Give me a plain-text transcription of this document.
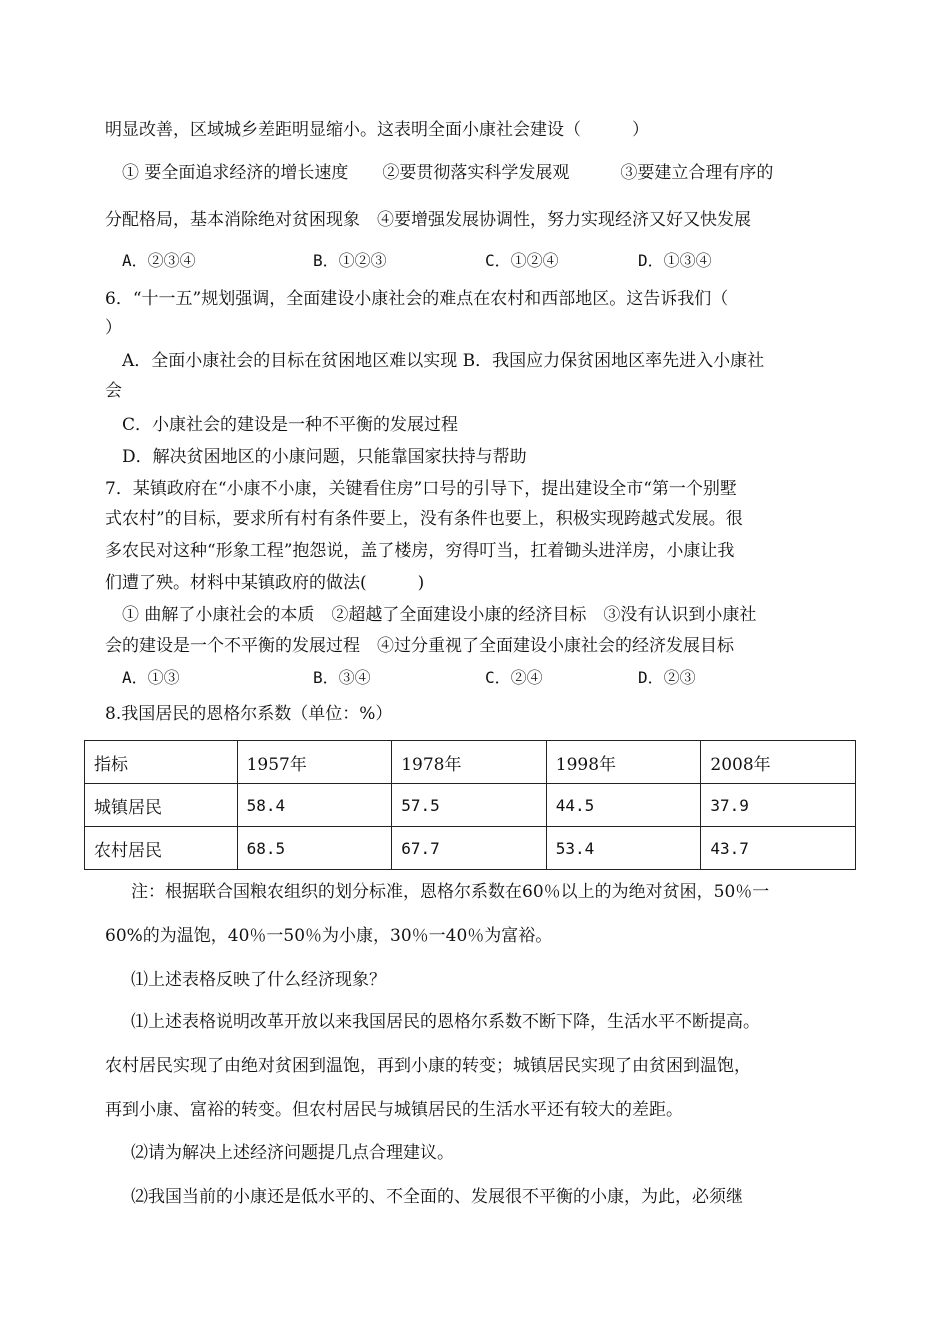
明显改善，区域城乡差距明显缩小。这表明全面小康社会建设（　　　）
① 要全面追求经济的增长速度　　②要贯彻落实科学发展观　　　③要建立合理有序的
分配格局，基本消除绝对贫困现象　④要增强发展协调性，努力实现经济又好又快发展
A．②③④	B．①②③	C．①②④	D．①③④
6．“十一五”规划强调，全面建设小康社会的难点在农村和西部地区。这告诉我们（
）
A．全面小康社会的目标在贫困地区难以实现 B．我国应力保贫困地区率先进入小康社
会
C．小康社会的建设是一种不平衡的发展过程
D．解决贫困地区的小康问题，只能靠国家扶持与帮助
7．某镇政府在“小康不小康，关键看住房”口号的引导下，提出建设全市“第一个别墅
式农村”的目标，要求所有村有条件要上，没有条件也要上，积极实现跨越式发展。很
多农民对这种“形象工程”抱怨说，盖了楼房，穷得叮当，扛着锄头进洋房，小康让我
们遭了殃。材料中某镇政府的做法(　　　)
① 曲解了小康社会的本质　②超越了全面建设小康的经济目标　③没有认识到小康社
会的建设是一个不平衡的发展过程　④过分重视了全面建设小康社会的经济发展目标
A．①③	B．③④	C．②④	D．②③
8.我国居民的恩格尔系数（单位：%）
指标	1957年	1978年	1998年	2008年
城镇居民	58.4	57.5	44.5	37.9
农村居民	68.5	67.7	53.4	43.7
注：根据联合国粮农组织的划分标准，恩格尔系数在60％以上的为绝对贫困，50％一
60%的为温饱，40％一50％为小康，30％一40％为富裕。
⑴上述表格反映了什么经济现象？
⑴上述表格说明改革开放以来我国居民的恩格尔系数不断下降，生活水平不断提高。
农村居民实现了由绝对贫困到温饱，再到小康的转变；城镇居民实现了由贫困到温饱，
再到小康、富裕的转变。但农村居民与城镇居民的生活水平还有较大的差距。
⑵请为解决上述经济问题提几点合理建议。
⑵我国当前的小康还是低水平的、不全面的、发展很不平衡的小康，为此，必须继
